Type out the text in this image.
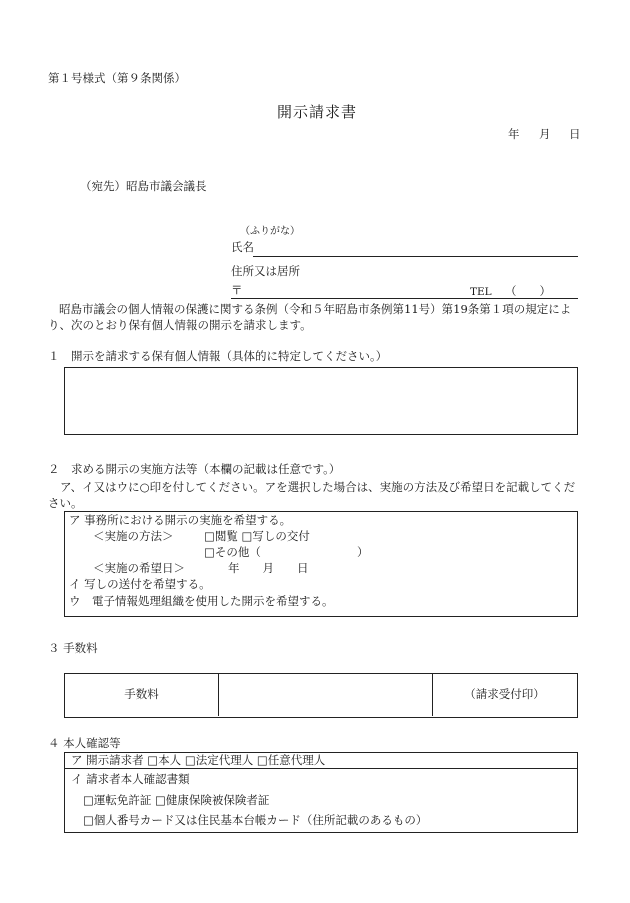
第１号様式（第９条関係）
開示請求書
年 月 日
（宛先）昭島市議会議長
（ふりがな）
氏名
住所又は居所
〒	TEL （　　）
昭島市議会の個人情報の保護に関する条例（令和５年昭島市条例第11号）第19条第１項の規定により、次のとおり保有個人情報の開示を請求します。
１　開示を請求する保有個人情報（具体的に特定してください。）
２　求める開示の実施方法等（本欄の記載は任意です。）
ア、イ又はウに○印を付してください。アを選択した場合は、実施の方法及び希望日を記載してください。
ア 事務所における開示の実施を希望する。
＜実施の方法＞	□閲覧 □写しの交付
□その他（	）
＜実施の希望日＞	年　　月　　日
イ 写しの送付を希望する。
ウ　電子情報処理組織を使用した開示を希望する。
３ 手数料
手数料	（請求受付印）
４ 本人確認等
ア 開示請求者 □本人 □法定代理人 □任意代理人
イ 請求者本人確認書類
□運転免許証 □健康保険被保険者証
□個人番号カード又は住民基本台帳カード（住所記載のあるもの）
